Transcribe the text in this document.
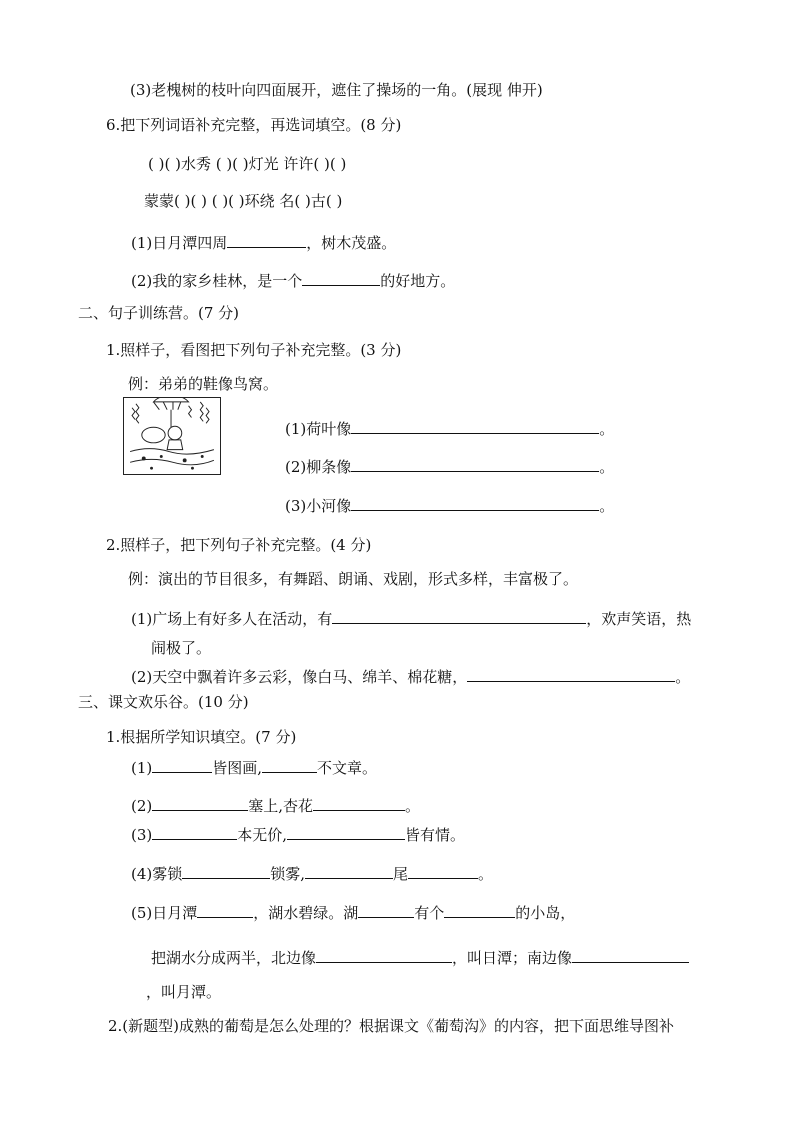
(3)老槐树的枝叶向四面展开，遮住了操场的一角。(展现 伸开)
6.把下列词语补充完整，再选词填空。(8 分)
( )( )水秀 ( )( )灯光 许许( )( )
蒙蒙( )( ) ( )( )环绕 名( )古( )
(1)日月潭四周	，树木茂盛。
(2)我的家乡桂林，是一个	的好地方。
二、句子训练营。(7 分)
1.照样子，看图把下列句子补充完整。(3 分)
例：弟弟的鞋像鸟窝。
(1)荷叶像	。
(2)柳条像	。
(3)小河像	。
2.照样子，把下列句子补充完整。(4 分)
例：演出的节目很多，有舞蹈、朗诵、戏剧，形式多样，丰富极了。
(1)广场上有好多人在活动，有	，欢声笑语，热
闹极了。
(2)天空中飘着许多云彩，像白马、绵羊、棉花糖，	。
三、课文欢乐谷。(10 分)
1.根据所学知识填空。(7 分)
(1)	皆图画,	不文章。
(2)	塞上,杏花	。
(3)	本无价,	皆有情。
(4)雾锁	锁雾,	尾	。
(5)日月潭	，湖水碧绿。湖	有个	的小岛，
把湖水分成两半，北边像	，叫日潭；南边像
，叫月潭。
2.(新题型)成熟的葡萄是怎么处理的？根据课文《葡萄沟》的内容，把下面思维导图补
